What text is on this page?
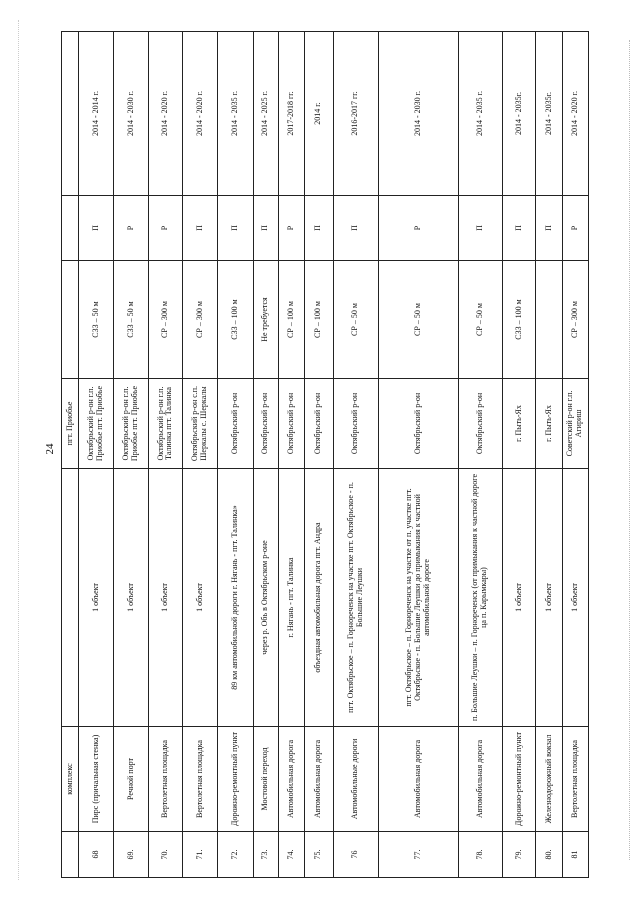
24
	комплекс		пгт. Приобье			
68	Пирс (причальная стенка)	1 объект	Октябрьский р-он г.п. Приобье пгт. Приобье	СЗЗ – 50 м	П	2014 - 2014 г.
69.	Речной порт	1 объект	Октябрьский р-он г.п. Приобье пгт. Приобье	СЗЗ – 50 м	Р	2014 - 2030 г.
70.	Вертолетная площадка	1 объект	Октябрьский р-он г.п. Талинка пгт. Талинка	СР – 300 м	Р	2014 - 2020 г.
71.	Вертолетная площадка	1 объект	Октябрьский р-он с.п. Шеркалы с. Шеркалы	СР – 300 м	П	2014 - 2020 г.
72.	Дорожно-ремонтный пункт	89 км автомобильной дороги г. Нягань - пгт. Талинка»	Октябрьский р-он	СЗЗ – 100 м	П	2014 - 2035 г.
73.	Мостовой переход	через р. Обь в Октябрьском р-оне	Октябрьский р-он	Не требуется	П	2014 - 2025 г.
74.	Автомобильная дорога	г. Нягань - пгт. Талинка	Октябрьский р-он	СР – 100 м	Р	2017-2018 гг.
75.	Автомобильная дорога	объездная автомобильная дорога пгт. Андра	Октябрьский р-он	СР – 100 м	П	2014 г.
76	Автомобильные дороги	пгт. Октябрьское – п. Горнореченск на участке пгт. Октябрьское - п. Большие Леушки	Октябрьский р-он	СР – 50 м	П	2016-2017 гг.
77.	Автомобильная дорога	пгт. Октябрьское – п. Горнореченск на участке от п. участке пгт. Октябрьское - п. Большие Леушки до примыкания к частной автомобильной дороге	Октябрьский р-он	СР – 50 м	Р	2014 - 2030 г.
78.	Автомобильная дорога	п. Большие Леушки – п. Горнореченск (от примыкания к частной дороге ца п. Карымкары)	Октябрьский р-он	СР – 50 м	П	2014 - 2035 г.
79.	Дорожно-ремонтный пункт	1 объект	г. Пыть-Ях	СЗЗ – 100 м	П	2014 - 2035г.
80.	Железнодорожный вокзал	1 объект	г. Пыть-Ях		П	2014 - 2035г.
81	Вертолетная площадка	1 объект	Советский р-он г.п. Агириш	СР – 300 м	Р	2014 - 2020 г.
